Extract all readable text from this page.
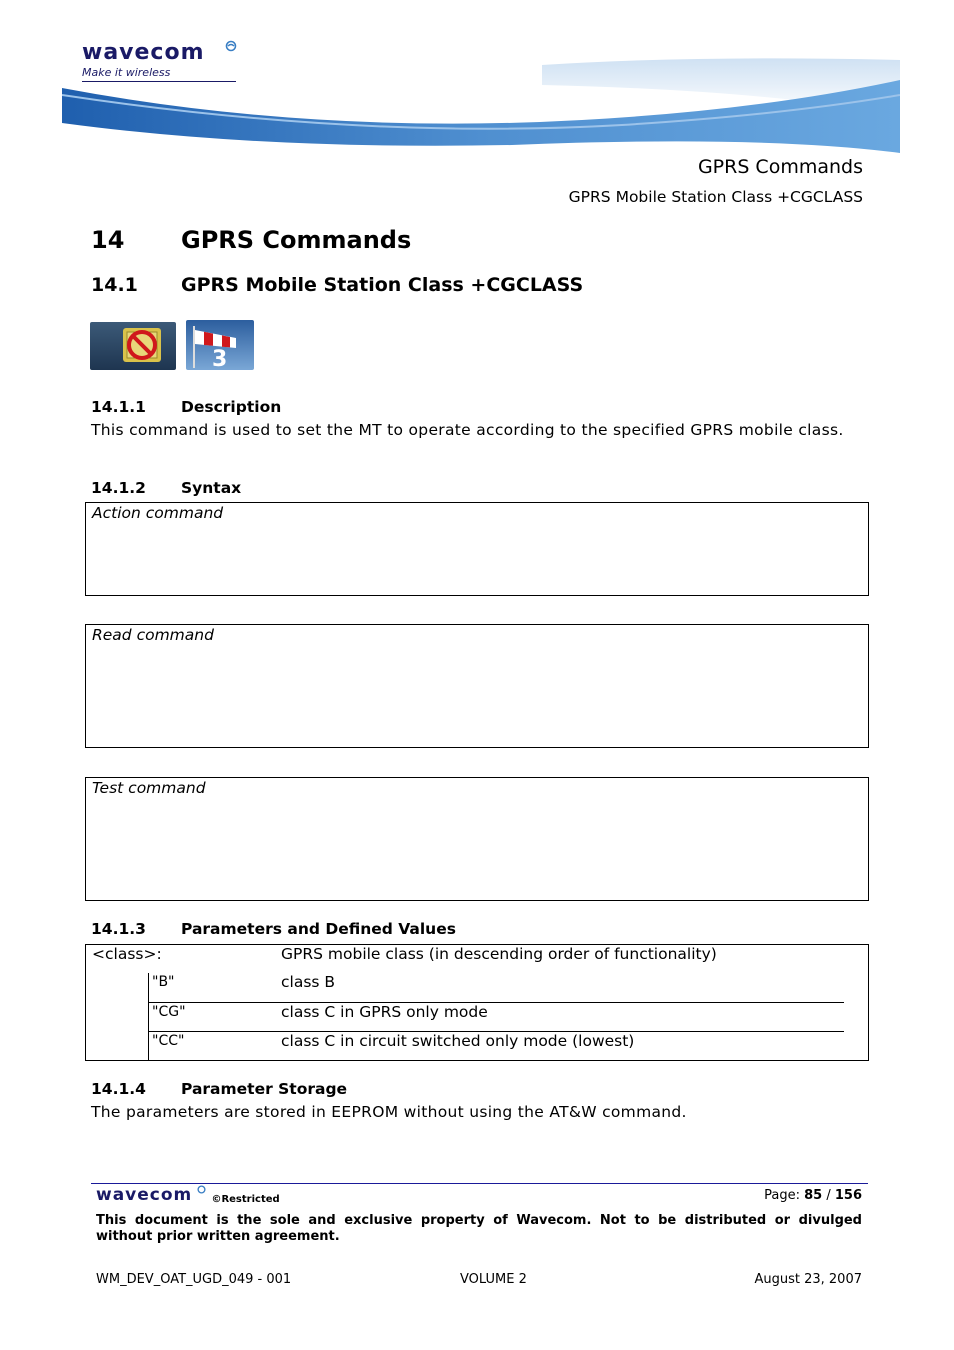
wavecom
Make it wireless
GPRS Commands
GPRS Mobile Station Class +CGCLASS
14 GPRS Commands
14.1 GPRS Mobile Station Class +CGCLASS
3
14.1.1 Description
This command is used to set the MT to operate according to the specified GPRS mobile class.
14.1.2 Syntax
Action command
Read command
Test command
14.1.3 Parameters and Defined Values
<class>:	GPRS mobile class (in descending order of functionality)
"B"	class B
"CG"	class C in GPRS only mode
"CC"	class C in circuit switched only mode (lowest)
14.1.4 Parameter Storage
The parameters are stored in EEPROM without using the AT&W command.
wavecom ©Restricted	Page: 85 / 156
This document is the sole and exclusive property of Wavecom. Not to be distributed or divulged without prior written agreement.
WM_DEV_OAT_UGD_049 - 001	VOLUME 2	August 23, 2007
